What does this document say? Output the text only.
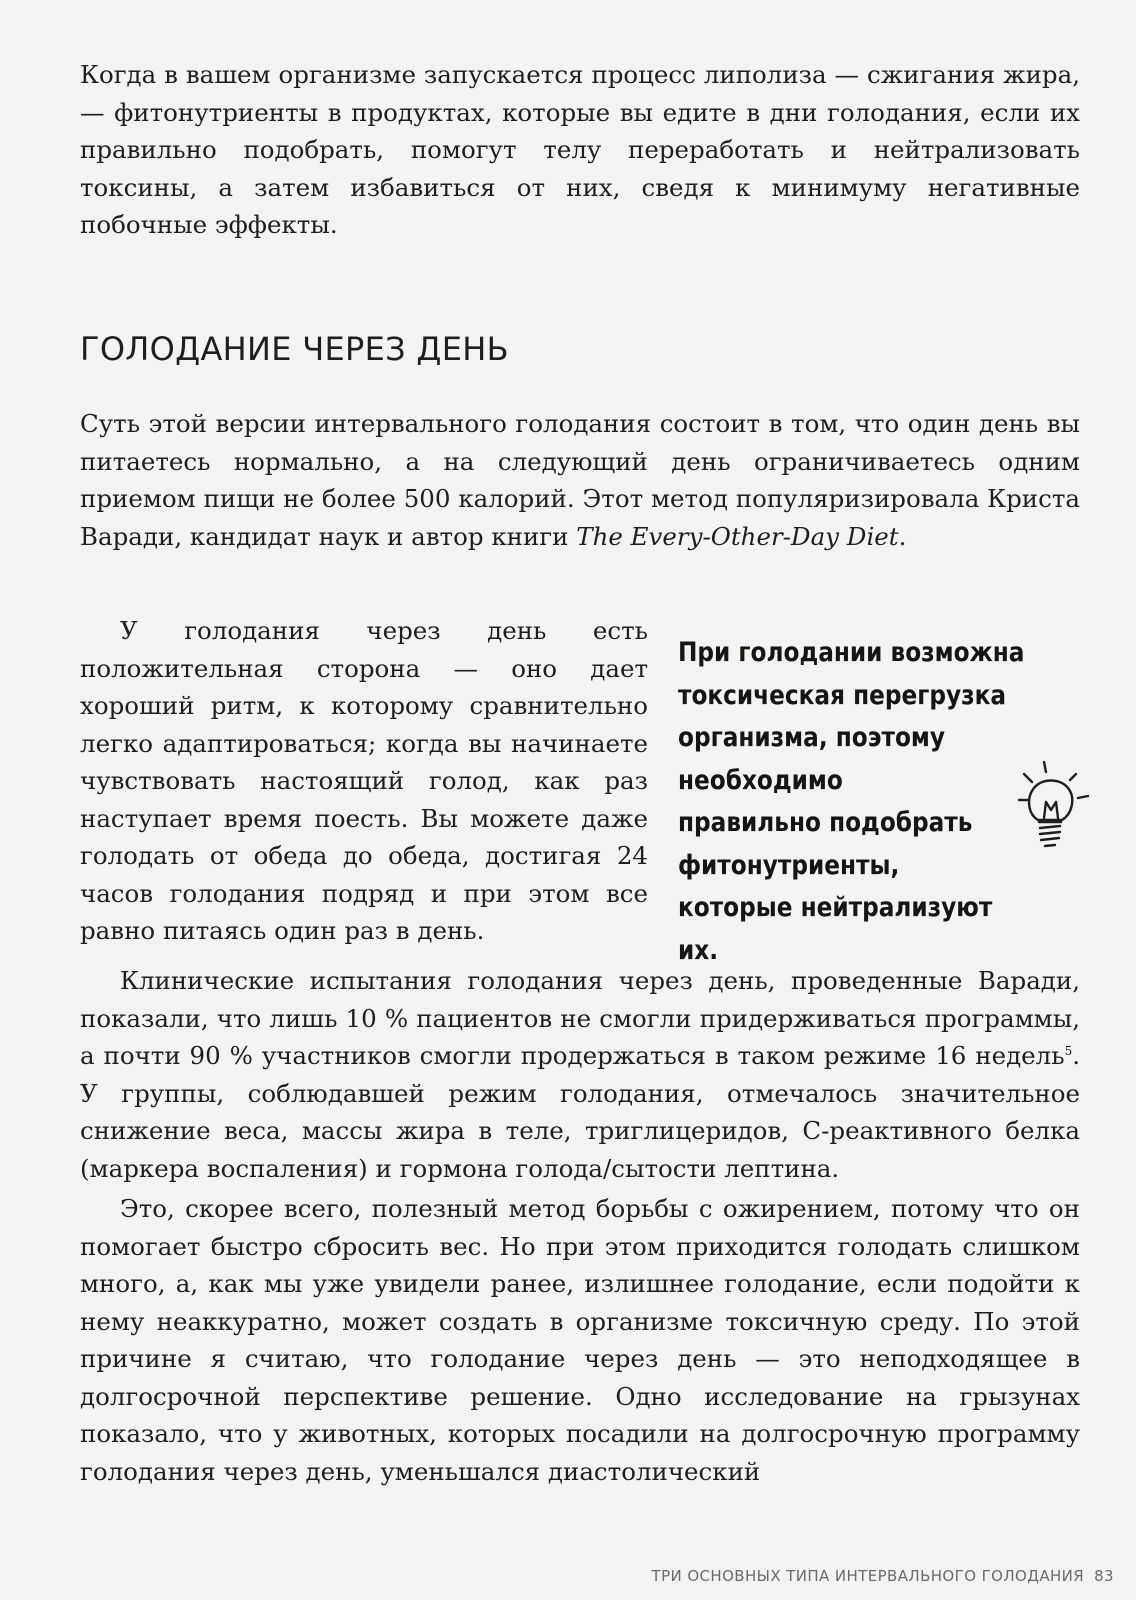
Когда в вашем организме запускается процесс липолиза — сжигания жира, — фитонутриенты в продуктах, которые вы едите в дни голодания, если их правильно подобрать, помогут телу переработать и нейтрализовать токсины, а затем избавиться от них, сведя к минимуму негативные побочные эффекты.

ГОЛОДАНИЕ ЧЕРЕЗ ДЕНЬ

Суть этой версии интервального голодания состоит в том, что один день вы питаетесь нормально, а на следующий день ограничиваетесь одним приемом пищи не более 500 калорий. Этот метод популяризировала Криста Варади, кандидат наук и автор книги The Every-Other-Day Diet.

У голодания через день есть положительная сторона — оно дает хороший ритм, к которому сравнительно легко адаптироваться; когда вы начинаете чувствовать настоящий голод, как раз наступает время поесть. Вы можете даже голодать от обеда до обеда, достигая 24 часов голодания подряд и при этом все равно питаясь один раз в день.

При голодании возможна
токсическая перегрузка
организма, поэтому необходимо
правильно подобрать
фитонутриенты,
которые нейтрализуют их.

Клинические испытания голодания через день, проведенные Варади, показали, что лишь 10 % пациентов не смогли придерживаться программы, а почти 90 % участников смогли продержаться в таком режиме 16 недель$^5$. У группы, соблюдавшей режим голодания, отмечалось значительное снижение веса, массы жира в теле, триглицеридов, С-реактивного белка (маркера воспаления) и гормона голода/сытости лептина.

Это, скорее всего, полезный метод борьбы с ожирением, потому что он помогает быстро сбросить вес. Но при этом приходится голодать слишком много, а, как мы уже увидели ранее, излишнее голодание, если подойти к нему неаккуратно, может создать в организме токсичную среду. По этой причине я считаю, что голодание через день — это неподходящее в долгосрочной перспективе решение. Одно исследование на грызунах показало, что у животных, которых посадили на долгосрочную программу голодания через день, уменьшался диастолический

ТРИ ОСНОВНЫХ ТИПА ИНТЕРВАЛЬНОГО ГОЛОДАНИЯ 83
